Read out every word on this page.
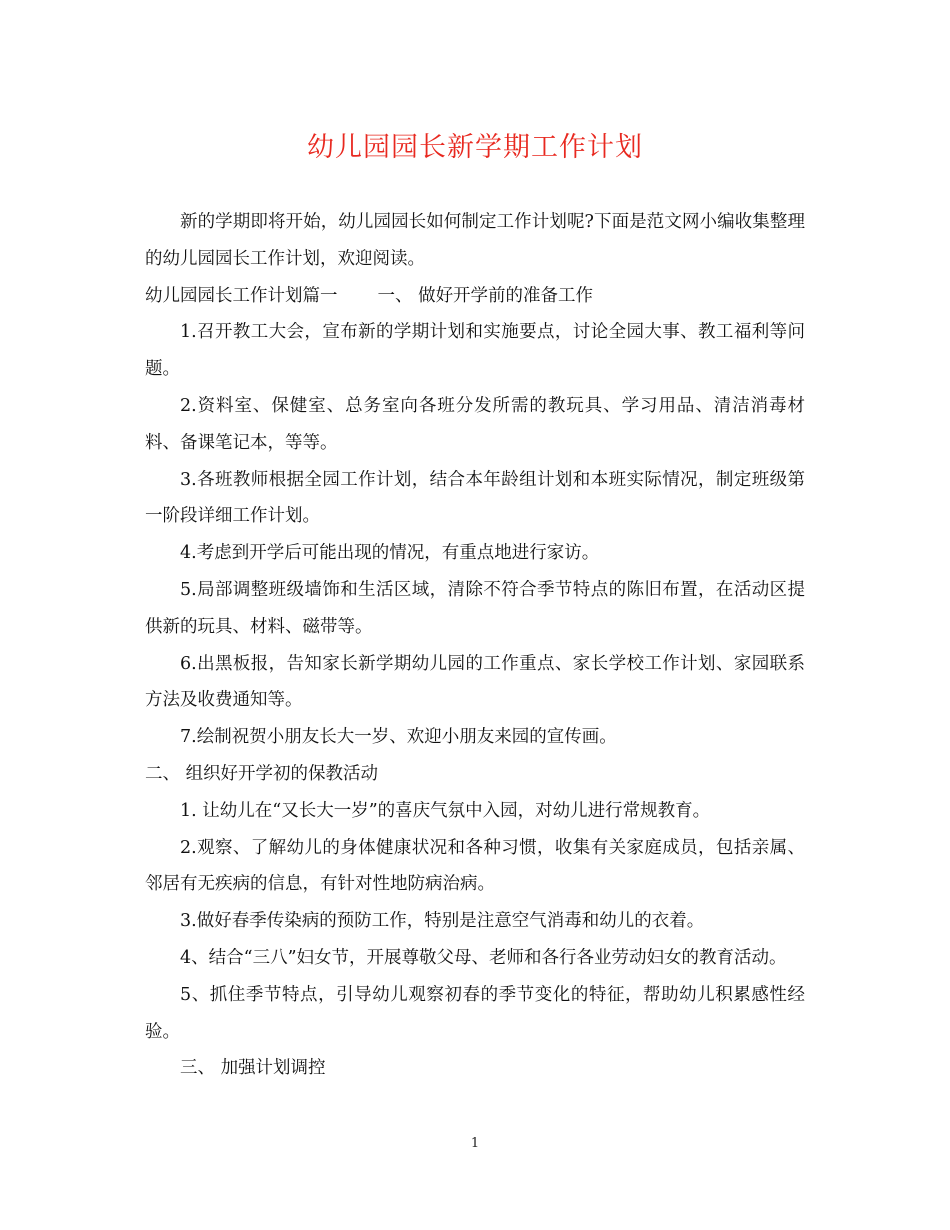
幼儿园园长新学期工作计划

新的学期即将开始，幼儿园园长如何制定工作计划呢?下面是范文网小编收集整理的幼儿园园长工作计划，欢迎阅读。

幼儿园园长工作计划篇一 一、 做好开学前的准备工作

1.召开教工大会，宣布新的学期计划和实施要点，讨论全园大事、教工福利等问题。

2.资料室、保健室、总务室向各班分发所需的教玩具、学习用品、清洁消毒材料、备课笔记本，等等。

3.各班教师根据全园工作计划，结合本年龄组计划和本班实际情况，制定班级第一阶段详细工作计划。

4.考虑到开学后可能出现的情况，有重点地进行家访。

5.局部调整班级墙饰和生活区域，清除不符合季节特点的陈旧布置，在活动区提供新的玩具、材料、磁带等。

6.出黑板报，告知家长新学期幼儿园的工作重点、家长学校工作计划、家园联系方法及收费通知等。

7.绘制祝贺小朋友长大一岁、欢迎小朋友来园的宣传画。

二、 组织好开学初的保教活动

1. 让幼儿在“又长大一岁”的喜庆气氛中入园，对幼儿进行常规教育。

2.观察、了解幼儿的身体健康状况和各种习惯，收集有关家庭成员，包括亲属、邻居有无疾病的信息，有针对性地防病治病。

3.做好春季传染病的预防工作，特别是注意空气消毒和幼儿的衣着。

4、结合“三八”妇女节，开展尊敬父母、老师和各行各业劳动妇女的教育活动。

5、抓住季节特点，引导幼儿观察初春的季节变化的特征，帮助幼儿积累感性经验。

三、 加强计划调控

1
